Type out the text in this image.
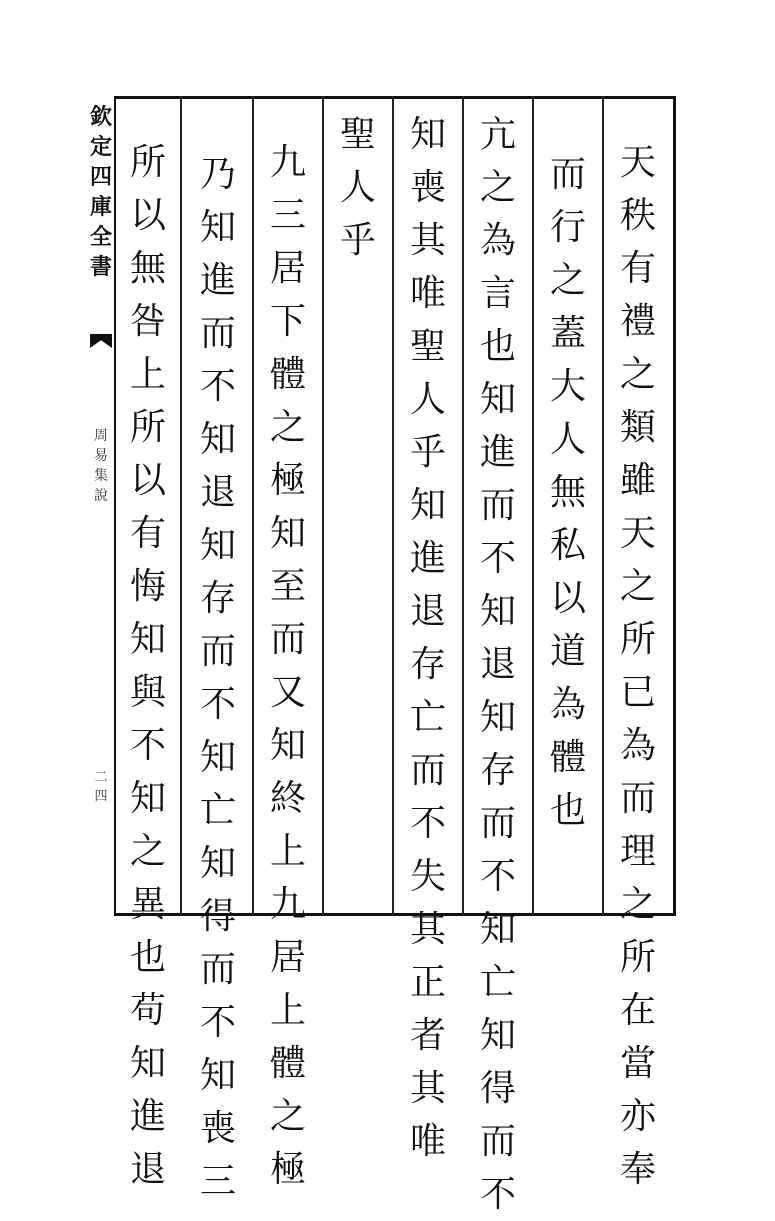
欽
定
四
庫
全
書
周
易
集
說
二四
天
秩
有
禮
之
類
雖
天
之
所
已
為
而
理
之
所
在
當
亦
奉
而
行
之
蓋
大
人
無
私
以
道
為
體
也
亢
之
為
言
也
知
進
而
不
知
退
知
存
而
不
知
亡
知
得
而
不
知
喪
其
唯
聖
人
乎
知
進
退
存
亡
而
不
失
其
正
者
其
唯
聖
人
乎
九
三
居
下
體
之
極
知
至
而
又
知
終
上
九
居
上
體
之
極
乃
知
進
而
不
知
退
知
存
而
不
知
亡
知
得
而
不
知
喪
三
所
以
無
咎
上
所
以
有
悔
知
與
不
知
之
異
也
苟
知
進
退
